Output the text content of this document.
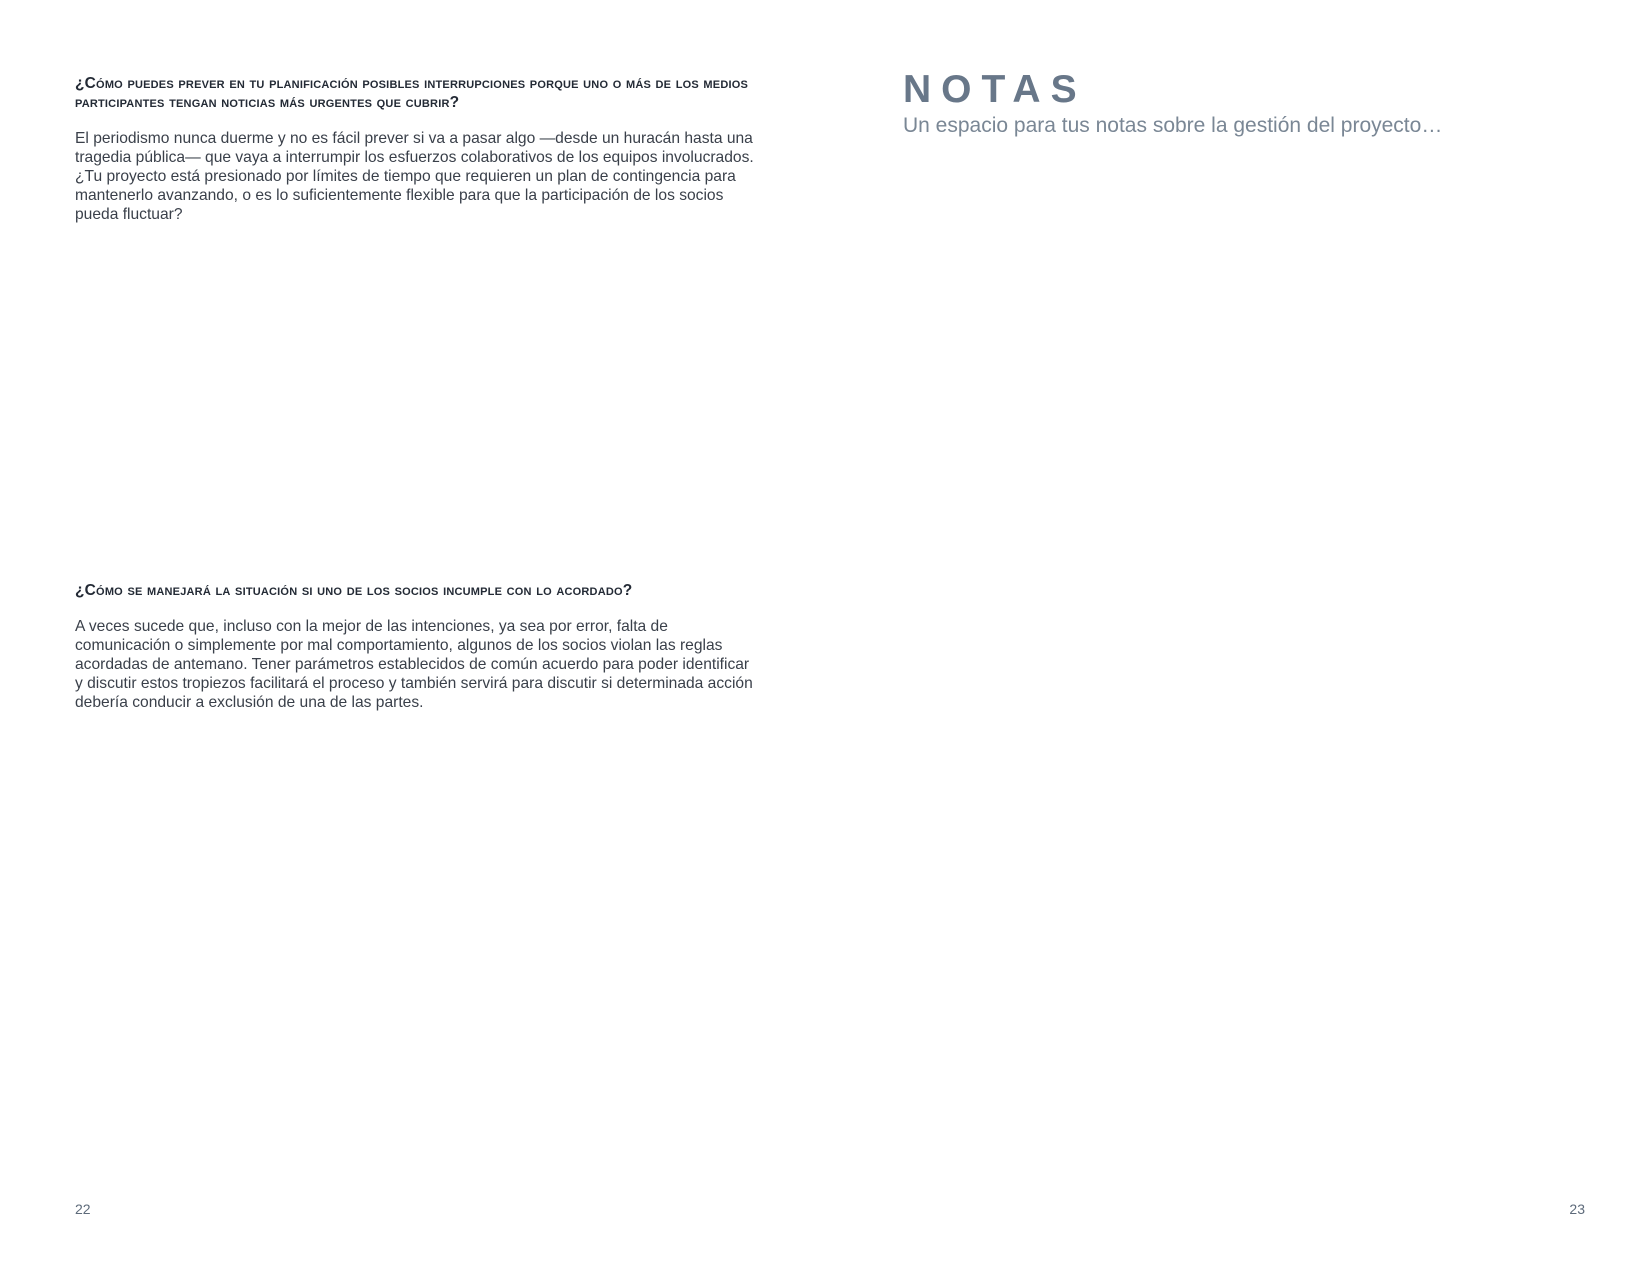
¿Cómo puedes prever en tu planificación posibles interrupciones porque uno o más de los medios participantes tengan noticias más urgentes que cubrir?

El periodismo nunca duerme y no es fácil prever si va a pasar algo —desde un huracán hasta una tragedia pública— que vaya a interrumpir los esfuerzos colaborativos de los equipos involucrados. ¿Tu proyecto está presionado por límites de tiempo que requieren un plan de contingencia para mantenerlo avanzando, o es lo suficientemente flexible para que la participación de los socios pueda fluctuar?

¿Cómo se manejará la situación si uno de los socios incumple con lo acordado?

A veces sucede que, incluso con la mejor de las intenciones, ya sea por error, falta de comunicación o simplemente por mal comportamiento, algunos de los socios violan las reglas acordadas de antemano. Tener parámetros establecidos de común acuerdo para poder identificar y discutir estos tropiezos facilitará el proceso y también servirá para discutir si determinada acción debería conducir a exclusión de una de las partes.

22
NOTAS

Un espacio para tus notas sobre la gestión del proyecto…

23
